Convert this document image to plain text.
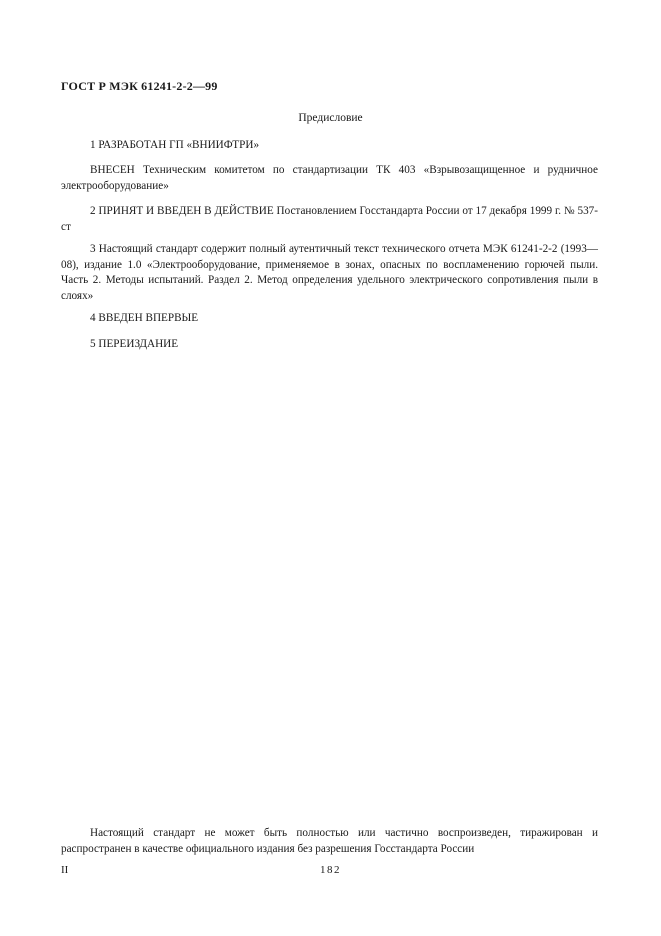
ГОСТ Р МЭК 61241-2-2—99
Предисловие
1 РАЗРАБОТАН ГП «ВНИИФТРИ»
ВНЕСЕН Техническим комитетом по стандартизации ТК 403 «Взрывозащищенное и рудничное электрооборудование»
2 ПРИНЯТ И ВВЕДЕН В ДЕЙСТВИЕ Постановлением Госстандарта России от 17 декабря 1999 г. № 537-ст
3 Настоящий стандарт содержит полный аутентичный текст технического отчета МЭК 61241-2-2 (1993—08), издание 1.0 «Электрооборудование, применяемое в зонах, опасных по воспламенению горючей пыли. Часть 2. Методы испытаний. Раздел 2. Метод определения удельного электрического сопротивления пыли в слоях»
4 ВВЕДЕН ВПЕРВЫЕ
5 ПЕРЕИЗДАНИЕ
Настоящий стандарт не может быть полностью или частично воспроизведен, тиражирован и распространен в качестве официального издания без разрешения Госстандарта России
II	182
